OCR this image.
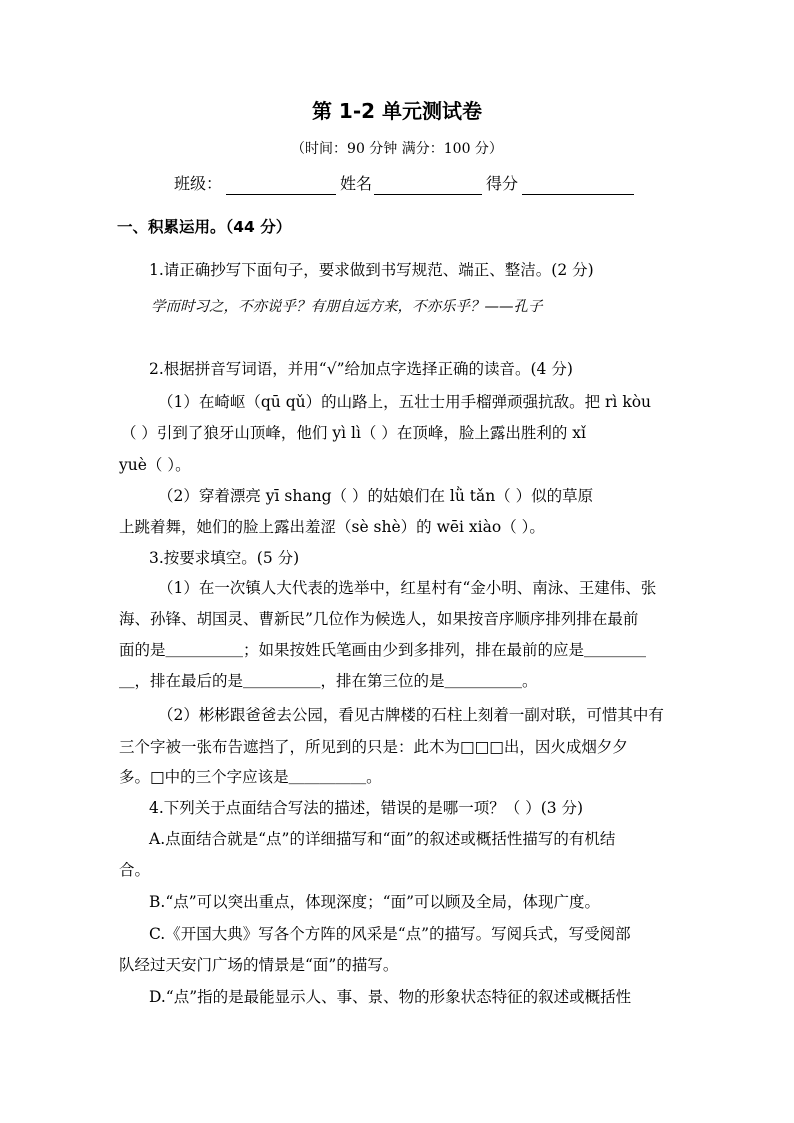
第 1-2 单元测试卷
（时间：90 分钟 满分：100 分）
班级：	姓名	得分
一、积累运用。（44 分）
1.请正确抄写下面句子，要求做到书写规范、端正、整洁。(2 分)
学而时习之，不亦说乎？有朋自远方来，不亦乐乎？——孔子
2.根据拼音写词语，并用“√”给加点字选择正确的读音。(4 分)
（1）在崎岖（qū qǔ）的山路上，五壮士用手榴弹顽强抗敌。把 rì kòu
（ ）引到了狼牙山顶峰，他们 yì lì（ ）在顶峰，脸上露出胜利的 xǐ
yuè（ ）。
（2）穿着漂亮 yī shang（ ）的姑娘们在 lǜ tǎn（ ）似的草原
上跳着舞，她们的脸上露出羞涩（sè shè）的 wēi xiào（ ）。
3.按要求填空。(5 分)
（1）在一次镇人大代表的选举中，红星村有“金小明、南泳、王建伟、张
海、孙锋、胡国灵、曹新民”几位作为候选人，如果按音序顺序排列排在最前
面的是＿＿＿＿＿；如果按姓氏笔画由少到多排列，排在最前的应是＿＿＿＿
＿，排在最后的是＿＿＿＿＿，排在第三位的是＿＿＿＿＿。
（2）彬彬跟爸爸去公园，看见古牌楼的石柱上刻着一副对联，可惜其中有
三个字被一张布告遮挡了，所见到的只是：此木为□□□出，因火成烟夕夕
多。□中的三个字应该是＿＿＿＿＿。
4.下列关于点面结合写法的描述，错误的是哪一项？（ ）(3 分)
A.点面结合就是“点”的详细描写和“面”的叙述或概括性描写的有机结
合。
B.“点”可以突出重点，体现深度；“面”可以顾及全局，体现广度。
C.《开国大典》写各个方阵的风采是“点”的描写。写阅兵式，写受阅部
队经过天安门广场的情景是“面”的描写。
D.“点”指的是最能显示人、事、景、物的形象状态特征的叙述或概括性
